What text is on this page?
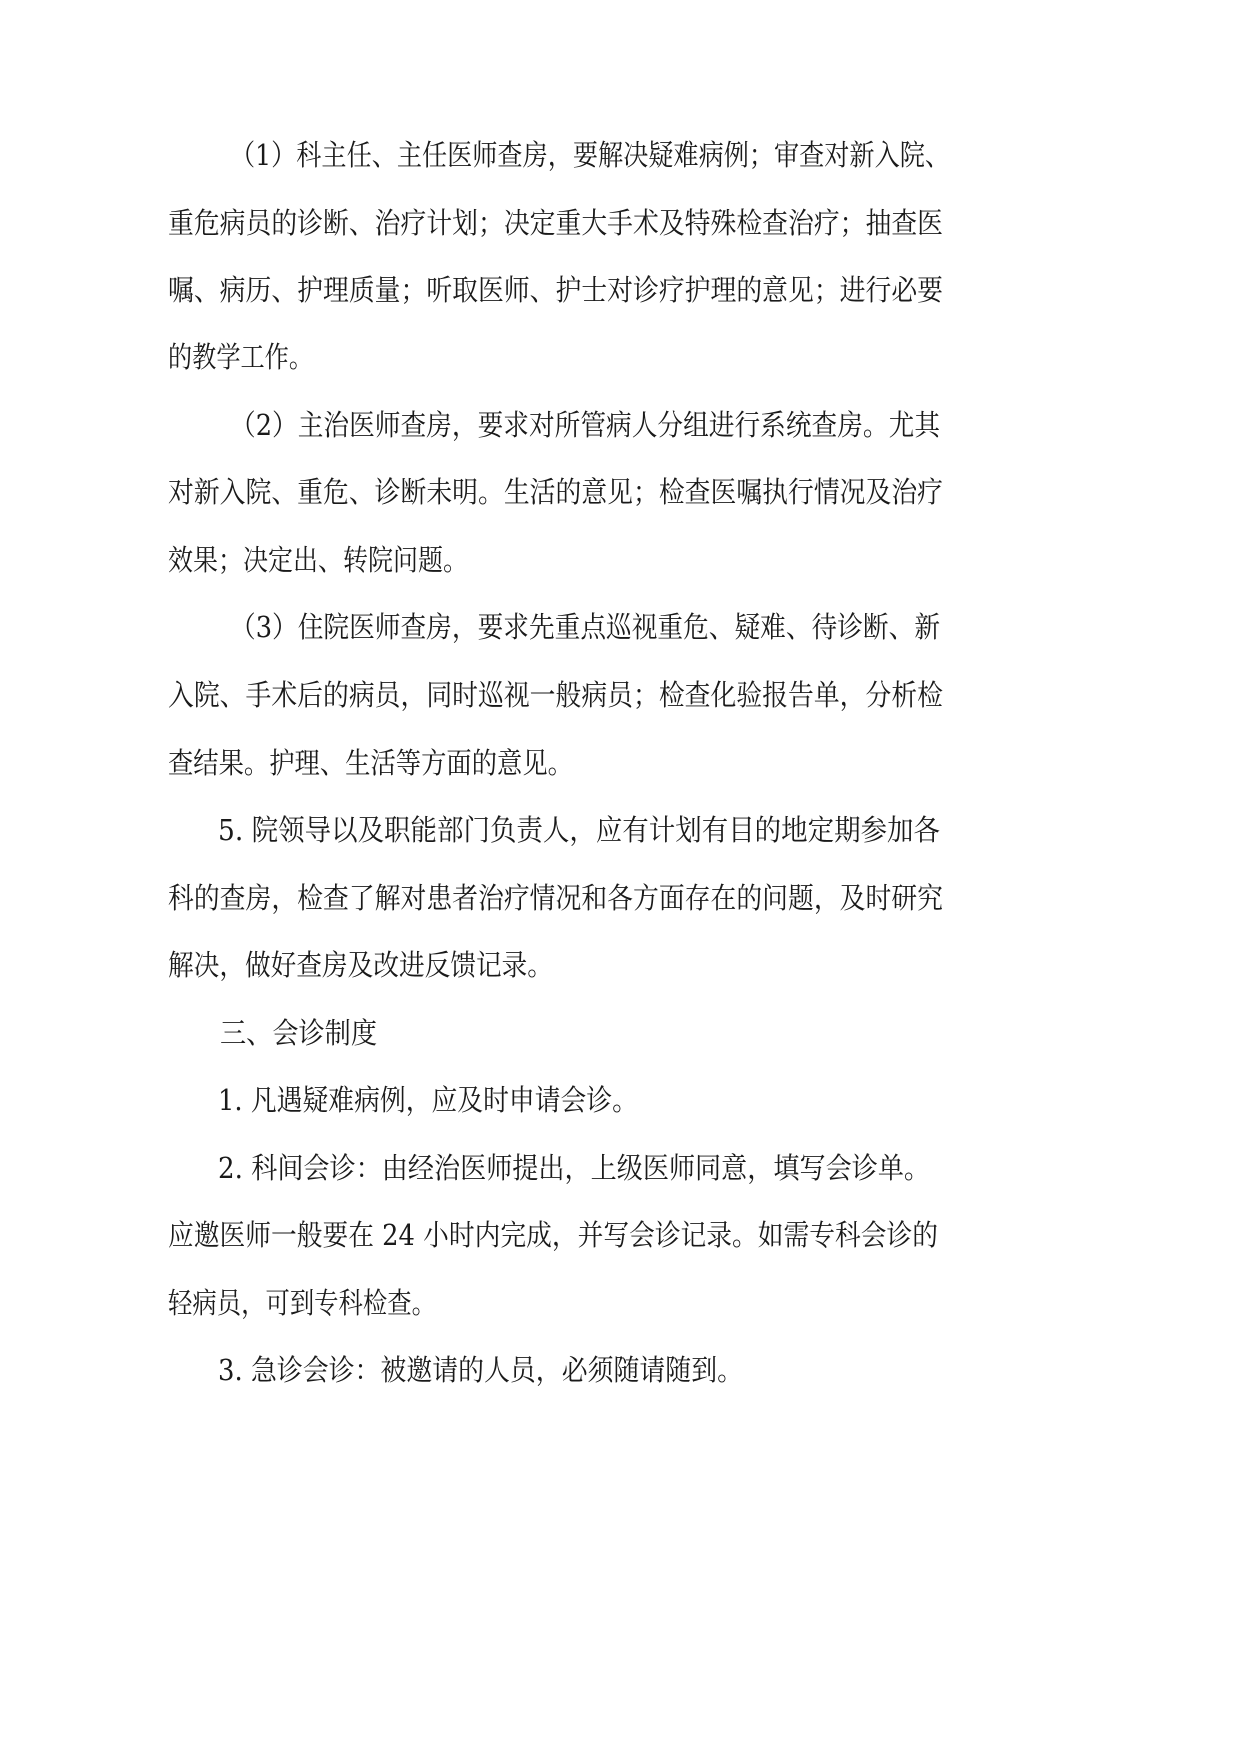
（1）科主任、主任医师查房，要解决疑难病例；审查对新入院、
重危病员的诊断、治疗计划；决定重大手术及特殊检查治疗；抽查医
嘱、病历、护理质量；听取医师、护士对诊疗护理的意见；进行必要
的教学工作。
（2）主治医师查房，要求对所管病人分组进行系统查房。尤其
对新入院、重危、诊断未明。生活的意见；检查医嘱执行情况及治疗
效果；决定出、转院问题。
（3）住院医师查房，要求先重点巡视重危、疑难、待诊断、新
入院、手术后的病员，同时巡视一般病员；检查化验报告单，分析检
查结果。护理、生活等方面的意见。
5. 院领导以及职能部门负责人，应有计划有目的地定期参加各
科的查房，检查了解对患者治疗情况和各方面存在的问题，及时研究
解决，做好查房及改进反馈记录。
三、会诊制度
1. 凡遇疑难病例，应及时申请会诊。
2. 科间会诊：由经治医师提出，上级医师同意，填写会诊单。
应邀医师一般要在 24 小时内完成，并写会诊记录。如需专科会诊的
轻病员，可到专科检查。
3. 急诊会诊：被邀请的人员，必须随请随到。
